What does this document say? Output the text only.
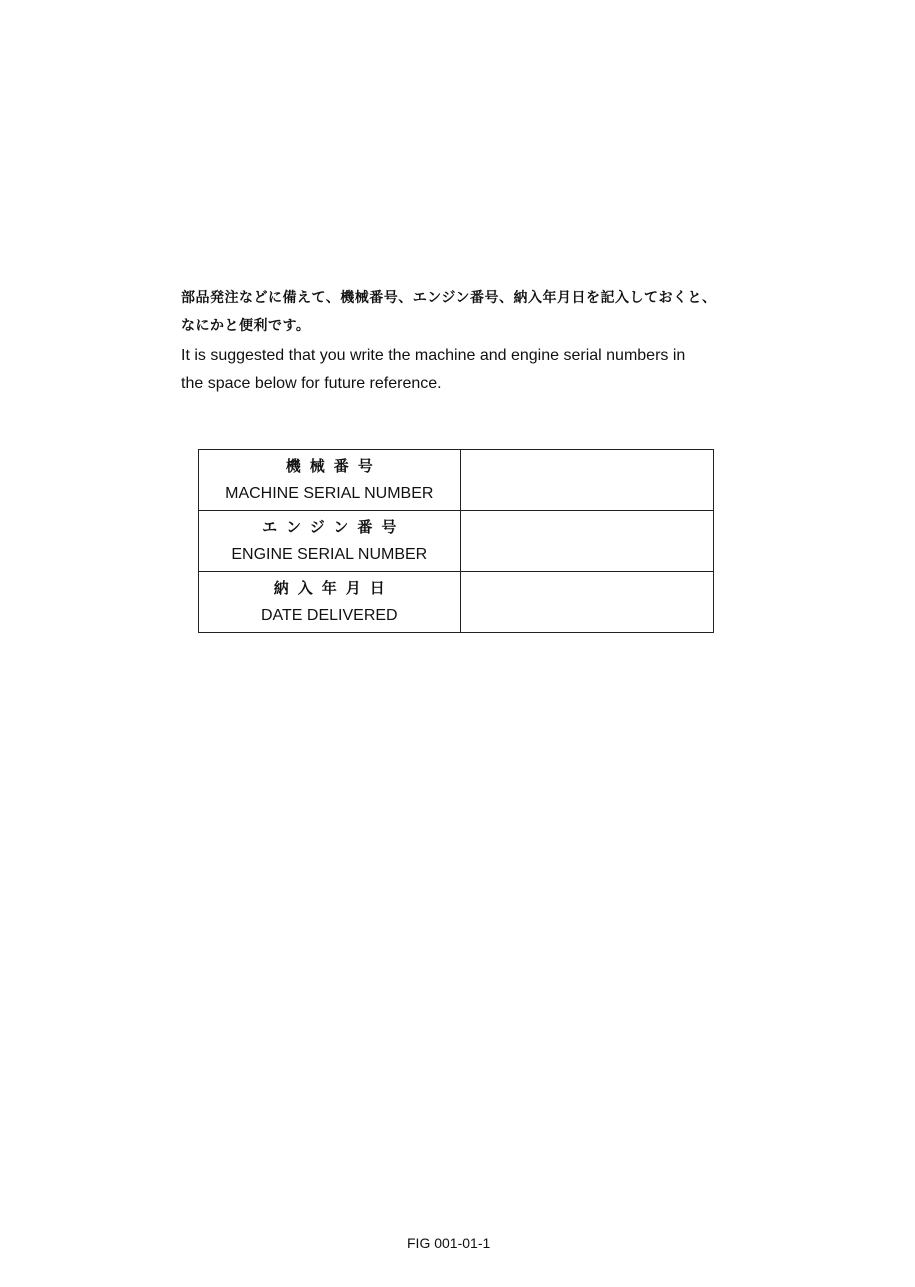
部品発注などに備えて、機械番号、エンジン番号、納入年月日を記入しておくと、
なにかと便利です。
It is suggested that you write the machine and engine serial numbers in
the space below for future reference.
機械番号
MACHINE SERIAL NUMBER	

エンジン番号
ENGINE SERIAL NUMBER	

納入年月日
DATE DELIVERED	

FIG 001-01-1
